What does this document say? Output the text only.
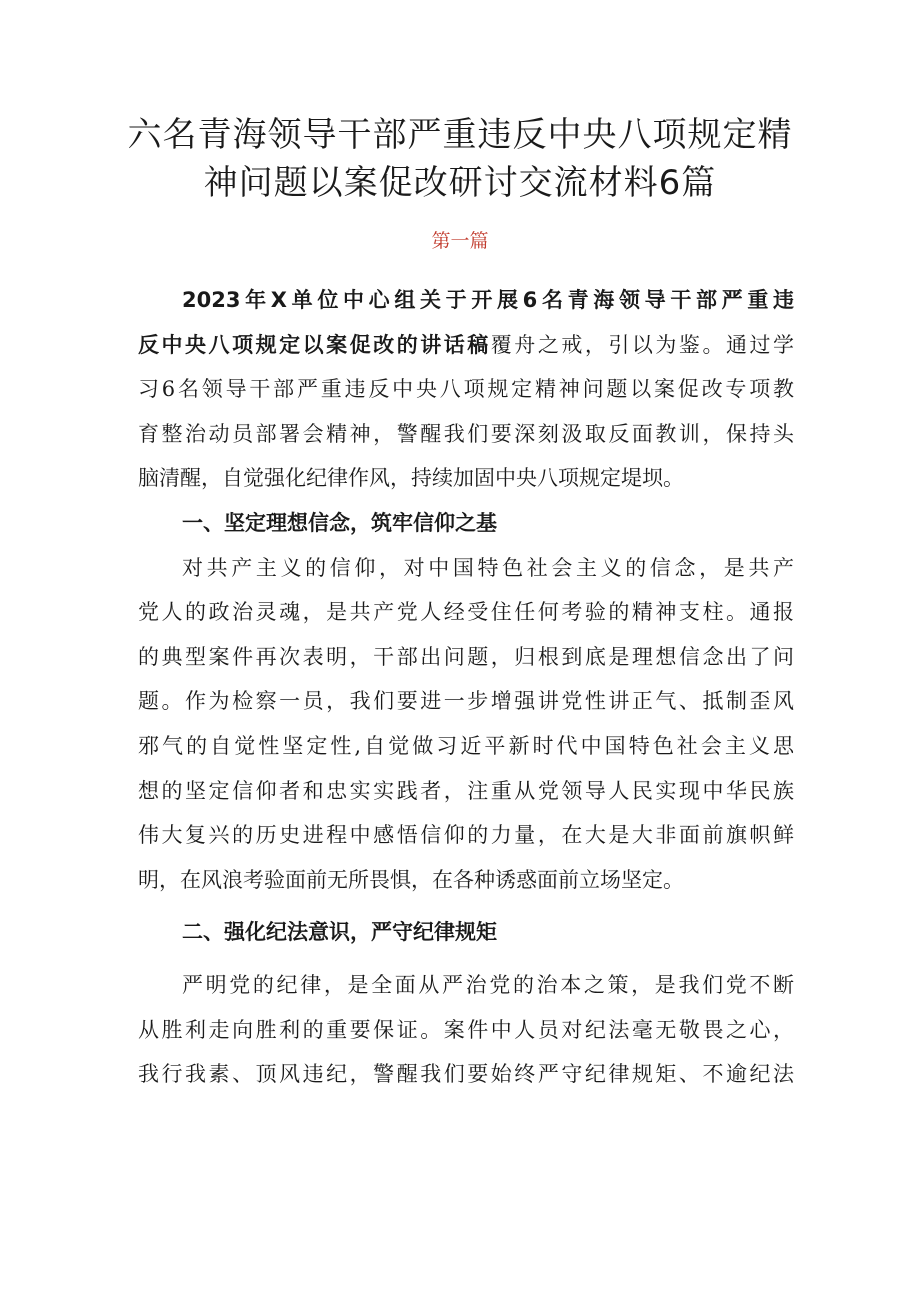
六名青海领导干部严重违反中央八项规定精
神问题以案促改研讨交流材料6篇
第一篇
2023年X单位中心组关于开展6名青海领导干部严重违
反中央八项规定以案促改的讲话稿覆舟之戒，引以为鉴。通过学
习6名领导干部严重违反中央八项规定精神问题以案促改专项教
育整治动员部署会精神，警醒我们要深刻汲取反面教训，保持头
脑清醒，自觉强化纪律作风，持续加固中央八项规定堤坝。
一、坚定理想信念，筑牢信仰之基
对共产主义的信仰，对中国特色社会主义的信念，是共产
党人的政治灵魂，是共产党人经受住任何考验的精神支柱。通报
的典型案件再次表明，干部出问题，归根到底是理想信念出了问
题。作为检察一员，我们要进一步增强讲党性讲正气、抵制歪风
邪气的自觉性坚定性,自觉做习近平新时代中国特色社会主义思
想的坚定信仰者和忠实实践者，注重从党领导人民实现中华民族
伟大复兴的历史进程中感悟信仰的力量，在大是大非面前旗帜鲜
明，在风浪考验面前无所畏惧，在各种诱惑面前立场坚定。
二、强化纪法意识，严守纪律规矩
严明党的纪律，是全面从严治党的治本之策，是我们党不断
从胜利走向胜利的重要保证。案件中人员对纪法毫无敬畏之心，
我行我素、顶风违纪，警醒我们要始终严守纪律规矩、不逾纪法
